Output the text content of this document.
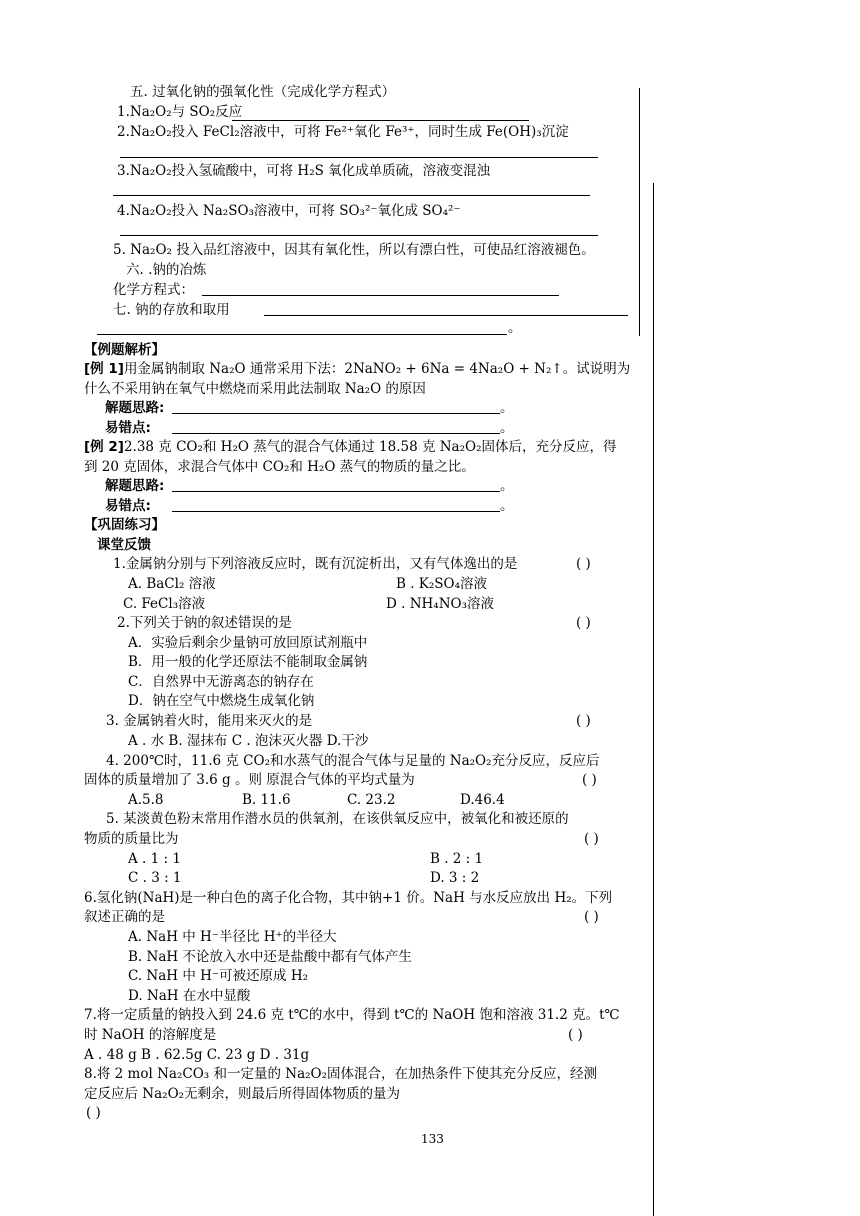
五. 过氧化钠的强氧化性（完成化学方程式）
1.Na₂O₂与 SO₂反应
2.Na₂O₂投入 FeCl₂溶液中，可将 Fe²⁺氧化 Fe³⁺，同时生成 Fe(OH)₃沉淀
3.Na₂O₂投入氢硫酸中，可将 H₂S 氧化成单质硫，溶液变混浊
4.Na₂O₂投入 Na₂SO₃溶液中，可将 SO₃²⁻氧化成 SO₄²⁻
5. Na₂O₂ 投入品红溶液中，因其有氧化性，所以有漂白性，可使品红溶液褪色。
六. .钠的冶炼
化学方程式：
七. 钠的存放和取用
。
【例题解析】
[例 1]用金属钠制取 Na₂O 通常采用下法：2NaNO₂ + 6Na = 4Na₂O + N₂↑。试说明为
什么不采用钠在氧气中燃烧而采用此法制取 Na₂O 的原因
解题思路:	。
易错点:	。
[例 2]2.38 克 CO₂和 H₂O 蒸气的混合气体通过 18.58 克 Na₂O₂固体后，充分反应，得
到 20 克固体，求混合气体中 CO₂和 H₂O 蒸气的物质的量之比。
解题思路:	。
易错点:	。
【巩固练习】
课堂反馈
1.金属钠分别与下列溶液反应时，既有沉淀析出，又有气体逸出的是	( )
A. BaCl₂ 溶液	B . K₂SO₄溶液
C. FeCl₃溶液	D . NH₄NO₃溶液
2.下列关于钠的叙述错误的是	( )
A．实验后剩余少量钠可放回原试剂瓶中
B．用一般的化学还原法不能制取金属钠
C．自然界中无游离态的钠存在
D．钠在空气中燃烧生成氧化钠
3. 金属钠着火时，能用来灭火的是	( )
A . 水 B. 湿抹布 C . 泡沫灭火器 D.干沙
4. 200℃时，11.6 克 CO₂和水蒸气的混合气体与足量的 Na₂O₂充分反应，反应后
固体的质量增加了 3.6 g 。则 原混合气体的平均式量为	( )
A.5.8	B. 11.6	C. 23.2	D.46.4
5. 某淡黄色粉末常用作潜水员的供氧剂，在该供氧反应中，被氧化和被还原的
物质的质量比为	( )
A . 1 : 1	B . 2 : 1
C . 3 : 1	D. 3 : 2
6.氢化钠(NaH)是一种白色的离子化合物，其中钠+1 价。NaH 与水反应放出 H₂。下列
叙述正确的是	( )
A. NaH 中 H⁻半径比 H⁺的半径大
B. NaH 不论放入水中还是盐酸中都有气体产生
C. NaH 中 H⁻可被还原成 H₂
D. NaH 在水中显酸
7.将一定质量的钠投入到 24.6 克 t℃的水中，得到 t℃的 NaOH 饱和溶液 31.2 克。t℃
时 NaOH 的溶解度是	( )
A . 48 g B . 62.5g C. 23 g D . 31g
8.将 2 mol Na₂CO₃ 和一定量的 Na₂O₂固体混合，在加热条件下使其充分反应，经测
定反应后 Na₂O₂无剩余，则最后所得固体物质的量为
( )
133
